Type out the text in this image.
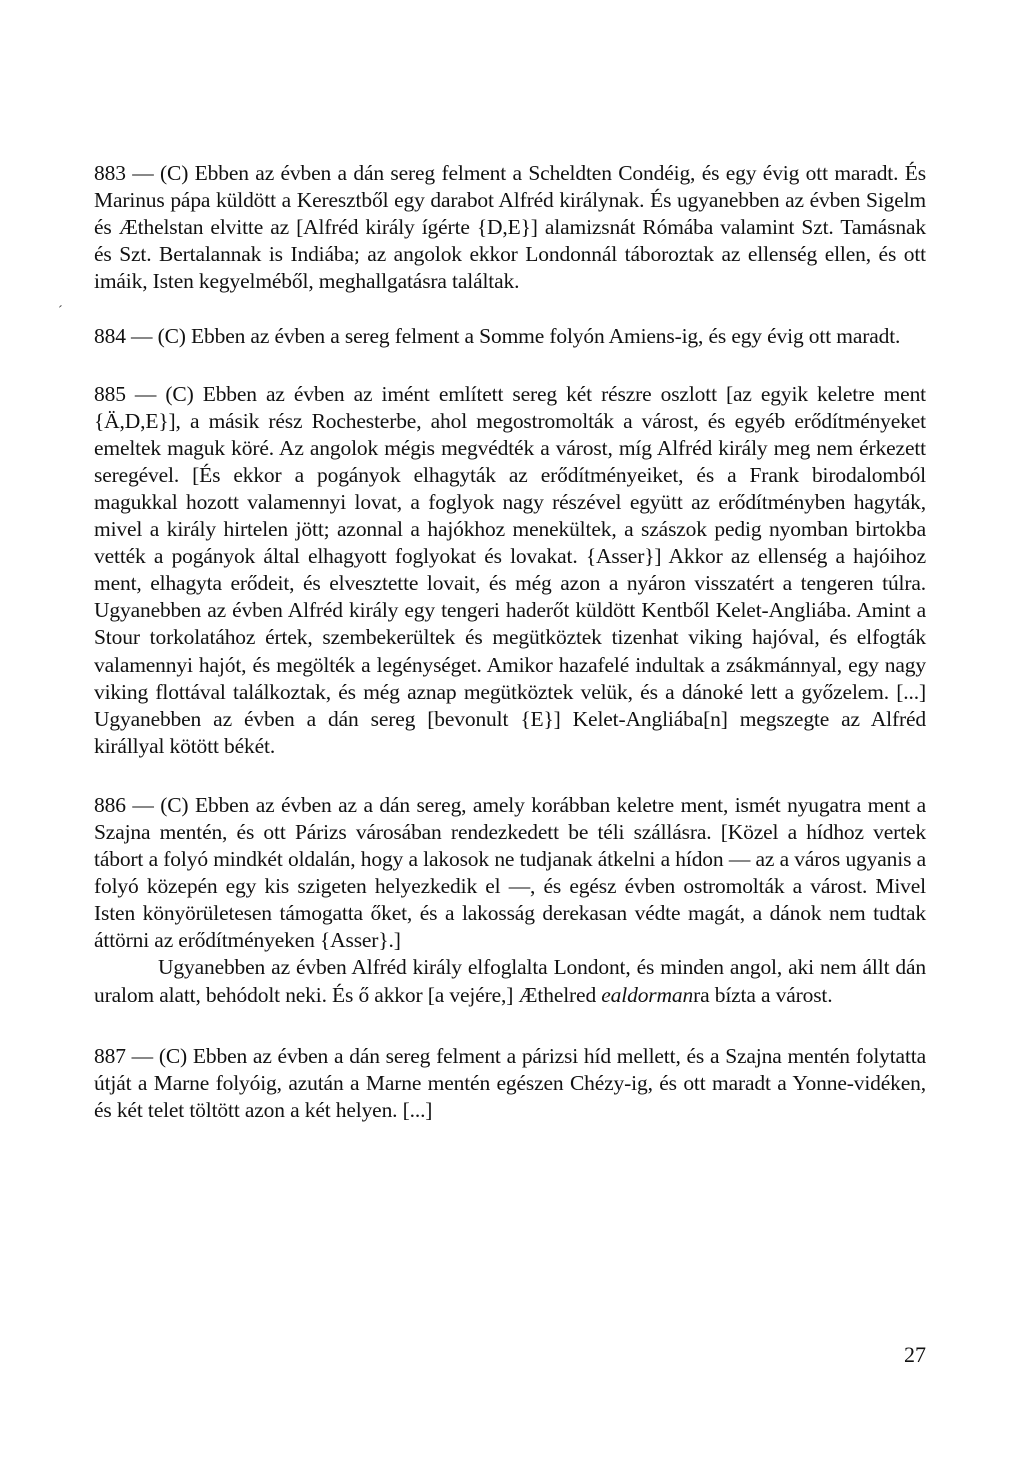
´

883 — (C) Ebben az évben a dán sereg felment a Scheldten Condéig, és egy évig ott maradt. És Marinus pápa küldött a Keresztből egy darabot Alfréd királynak. És ugyanebben az évben Sigelm és Æthelstan elvitte az [Alfréd király ígérte {D,E}] alamizsnát Rómába valamint Szt. Tamásnak és Szt. Bertalannak is Indiába; az angolok ekkor Londonnál táboroztak az ellenség ellen, és ott imáik, Isten kegyelméből, meghallgatásra találtak.

884 — (C) Ebben az évben a sereg felment a Somme folyón Amiens-ig, és egy évig ott maradt.

885 — (C) Ebben az évben az imént említett sereg két részre oszlott [az egyik keletre ment {Ä,D,E}], a másik rész Rochesterbe, ahol megostromolták a várost, és egyéb erődítményeket emeltek maguk köré. Az angolok mégis megvédték a várost, míg Alfréd király meg nem érkezett seregével. [És ekkor a pogányok elhagyták az erődítményeiket, és a Frank birodalomból magukkal hozott valamennyi lovat, a foglyok nagy részével együtt az erődítményben hagyták, mivel a király hirtelen jött; azonnal a hajókhoz menekültek, a szászok pedig nyomban birtokba vették a pogányok által elhagyott foglyokat és lovakat. {Asser}] Akkor az ellenség a hajóihoz ment, elhagyta erődeit, és elvesztette lovait, és még azon a nyáron visszatért a tengeren túlra. Ugyanebben az évben Alfréd király egy tengeri haderőt küldött Kentből Kelet-Angliába. Amint a Stour torkolatához értek, szembekerültek és megütköztek tizenhat viking hajóval, és elfogták valamennyi hajót, és megölték a legénységet. Amikor hazafelé indultak a zsákmánnyal, egy nagy viking flottával találkoztak, és még aznap megütköztek velük, és a dánoké lett a győzelem. [...] Ugyanebben az évben a dán sereg [bevonult {E}] Kelet-Angliába[n] megszegte az Alfréd királlyal kötött békét.

886 — (C) Ebben az évben az a dán sereg, amely korábban keletre ment, ismét nyugatra ment a Szajna mentén, és ott Párizs városában rendezkedett be téli szállásra. [Közel a hídhoz vertek tábort a folyó mindkét oldalán, hogy a lakosok ne tudjanak átkelni a hídon — az a város ugyanis a folyó közepén egy kis szigeten helyezkedik el —, és egész évben ostromolták a várost. Mivel Isten könyörületesen támogatta őket, és a lakosság derekasan védte magát, a dánok nem tudtak áttörni az erődítményeken {Asser}.]

Ugyanebben az évben Alfréd király elfoglalta Londont, és minden angol, aki nem állt dán uralom alatt, behódolt neki. És ő akkor [a vejére,] Æthelred ealdormanra bízta a várost.

887 — (C) Ebben az évben a dán sereg felment a párizsi híd mellett, és a Szajna mentén folytatta útját a Marne folyóig, azután a Marne mentén egészen Chézy-ig, és ott maradt a Yonne-vidéken, és két telet töltött azon a két helyen. [...]

27
